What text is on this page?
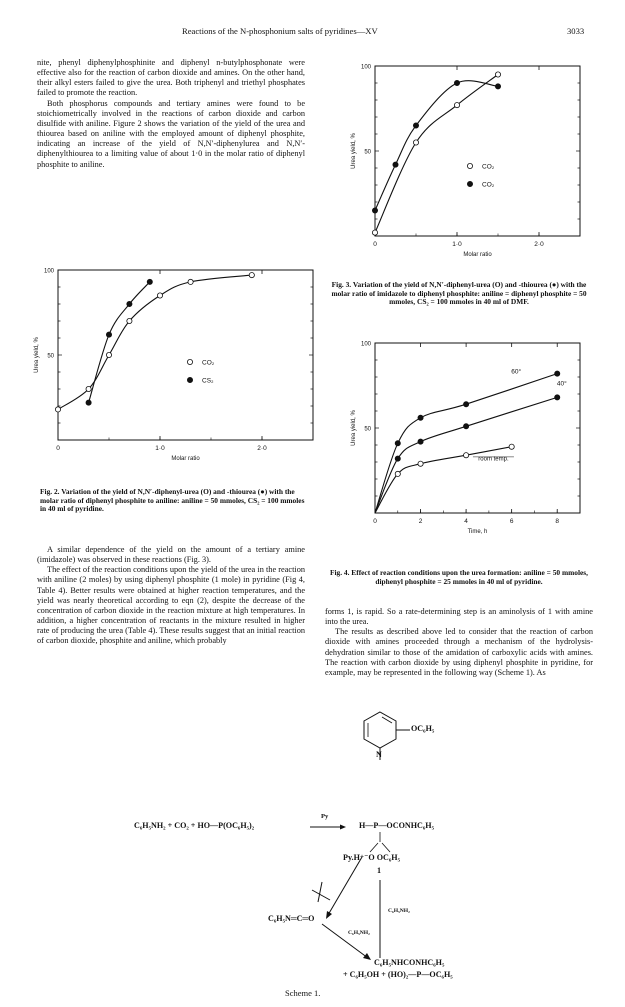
Reactions of the N-phosphonium salts of pyridines—XV	3033

nite, phenyl diphenylphosphinite and diphenyl n-butylphosphonate were effective also for the reaction of carbon dioxide and amines. On the other hand, their alkyl esters failed to give the urea. Both triphenyl and triethyl phosphates failed to promote the reaction.

Both phosphorus compounds and tertiary amines were found to be stoichiometrically involved in the reactions of carbon dioxide and carbon disulfide with aniline. Figure 2 shows the variation of the yield of the urea and thiourea based on aniline with the employed amount of diphenyl phosphite, indicating an increase of the yield of N,N′-diphenylurea and N,N′-diphenylthiourea to a limiting value of about 1·0 in the molar ratio of diphenyl phosphite to aniline.

0	1·0	2·0
50
100
Molar ratio
Urea yield, %	CO₂
CS₂
Fig. 2. Variation of the yield of N,N′-diphenyl-urea (O) and -thiourea (●) with the molar ratio of diphenyl phosphite to aniline: aniline = 50 mmoles, CS₂ = 100 mmoles in 40 ml of pyridine.

A similar dependence of the yield on the amount of a tertiary amine (imidazole) was observed in these reactions (Fig. 3).

The effect of the reaction conditions upon the yield of the urea in the reaction with aniline (2 moles) by using diphenyl phosphite (1 mole) in pyridine (Fig 4, Table 4). Better results were obtained at higher reaction temperatures, and the yield was nearly theoretical according to eqn (2), despite the decrease of the concentration of carbon dioxide in the reaction mixture at high temperatures. In addition, a higher concentration of reactants in the mixture resulted in higher rate of producing the urea (Table 4). These results suggest that an initial reaction of carbon dioxide, phosphite and aniline, which probably

0	1·0	2·0
50
100
Molar ratio
Urea yield, %	CO₂
CO₂
Fig. 3. Variation of the yield of N,N′-diphenyl-urea (O) and -thiourea (●) with the molar ratio of imidazole to diphenyl phosphite: aniline = diphenyl phosphite = 50 mmoles, CS₂ = 100 mmoles in 40 ml of DMF.
0	2	4	6	8
50
100
Time, h
Urea yield, %
60°
40°
room temp.
Fig. 4. Effect of reaction conditions upon the urea formation: aniline = 50 mmoles, diphenyl phosphite = 25 mmoles in 40 ml of pyridine.

forms 1, is rapid. So a rate-determining step is an aminolysis of 1 with amine into the urea.

The results as described above led to consider that the reaction of carbon dioxide with amines proceeded through a mechanism of the hydrolysis-dehydration similar to those of the amidation of carboxylic acids with amines. The reaction with carbon dioxide by using diphenyl phosphite in pyridine, for example, may be represented in the following way (Scheme 1). As

OC₆H₅
N
C₆H₅NH₂ + CO₂ + HO—P(OC₆H₅)₂
Py
H—P—OCONHC₆H₅
Py.H⁺⁻O OC₆H₅
1
C₆H₅NH₂
C₆H₅NH₂
C₆H₅N═C═O
C₆H₅NHCONHC₆H₅
+ C₆H₅OH + (HO)₂—P—OC₆H₅
Scheme 1.
